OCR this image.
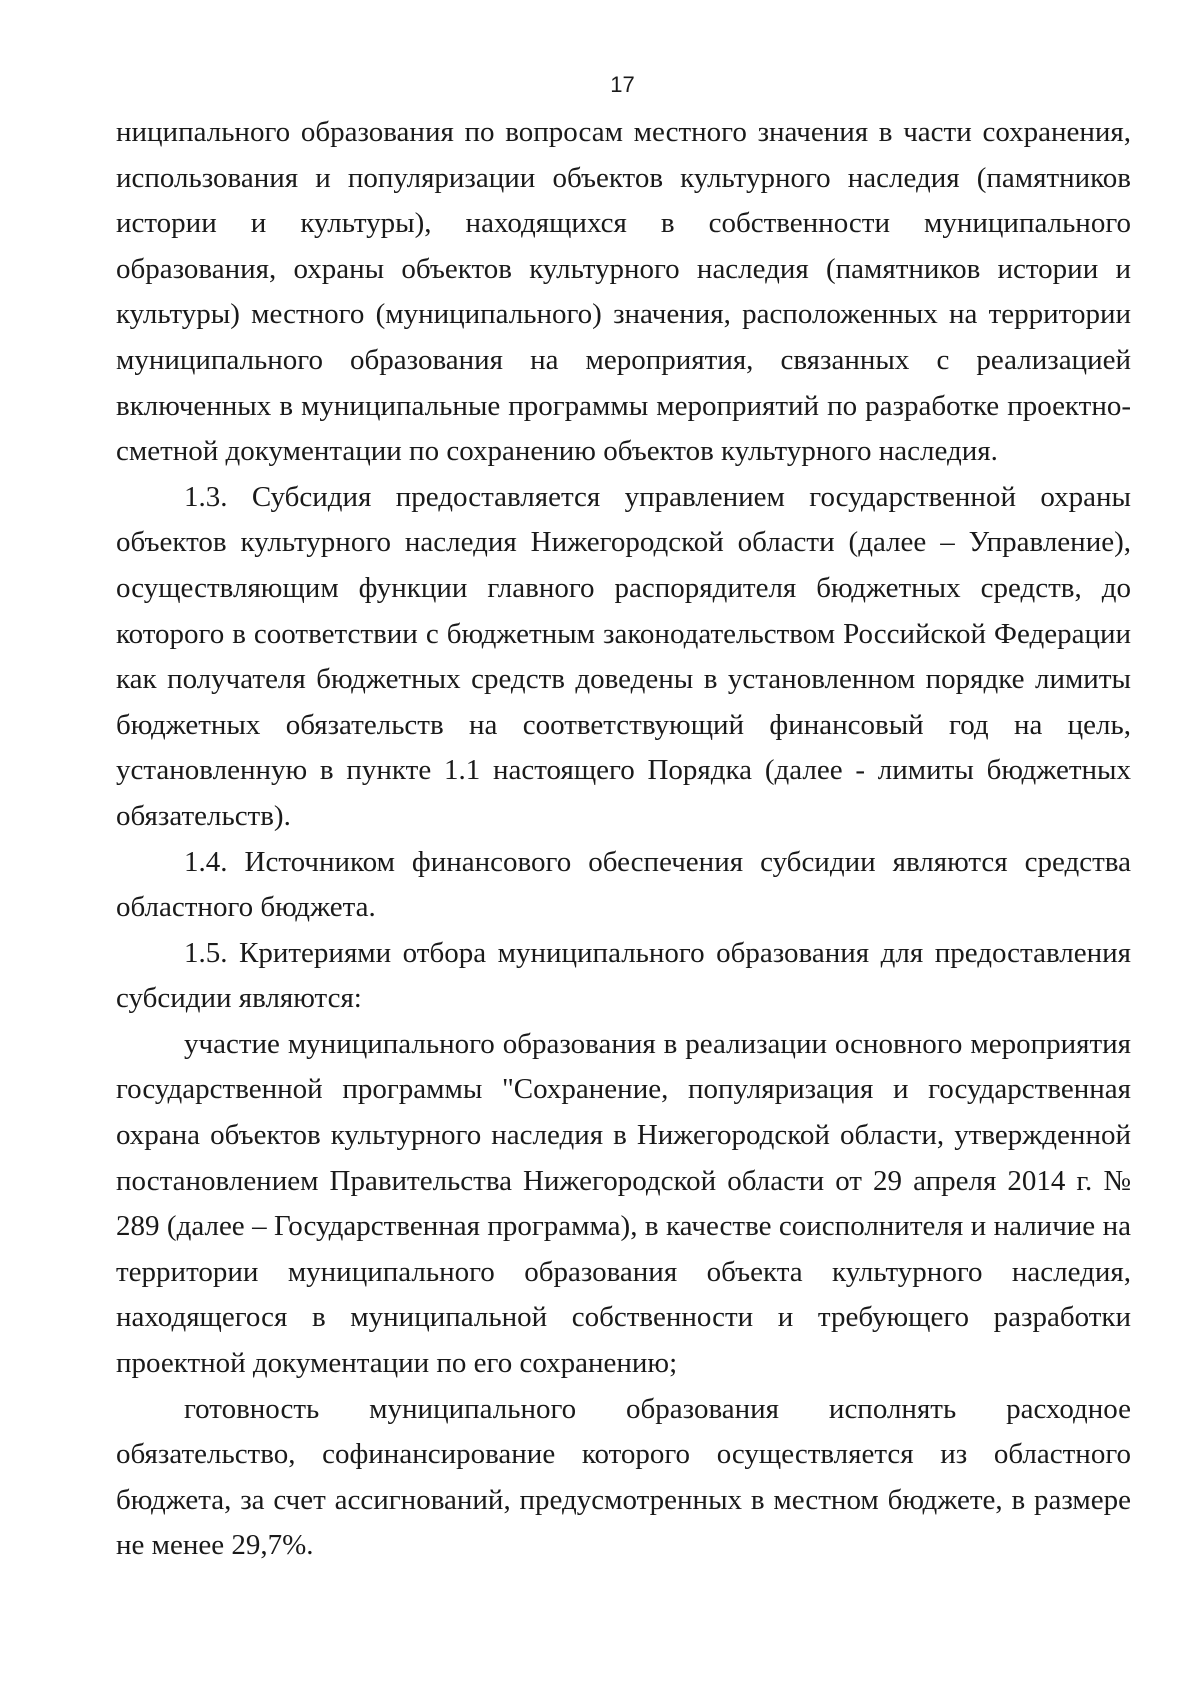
17

ниципального образования по вопросам местного значения в части сохранения, использования и популяризации объектов культурного наследия (памятников истории и культуры), находящихся в собственности муниципального образования, охраны объектов культурного наследия (памятников истории и культуры) местного (муниципального) значения, расположенных на территории муниципального образования на мероприятия, связанных с реализацией включенных в муниципальные программы мероприятий по разработке проектно-сметной документации по сохранению объектов культурного наследия.

1.3. Субсидия предоставляется управлением государственной охраны объектов культурного наследия Нижегородской области (далее – Управление), осуществляющим функции главного распорядителя бюджетных средств, до которого в соответствии с бюджетным законодательством Российской Федерации как получателя бюджетных средств доведены в установленном порядке лимиты бюджетных обязательств на соответствующий финансовый год на цель, установленную в пункте 1.1 настоящего Порядка (далее - лимиты бюджетных обязательств).

1.4. Источником финансового обеспечения субсидии являются средства областного бюджета.

1.5. Критериями отбора муниципального образования для предоставления субсидии являются:

участие муниципального образования в реализации основного мероприятия государственной программы "Сохранение, популяризация и государственная охрана объектов культурного наследия в Нижегородской области, утвержденной постановлением Правительства Нижегородской области от 29 апреля 2014 г. № 289 (далее – Государственная программа), в качестве соисполнителя и наличие на территории муниципального образования объекта культурного наследия, находящегося в муниципальной собственности и требующего разработки проектной документации по его сохранению;

готовность муниципального образования исполнять расходное обязательство, софинансирование которого осуществляется из областного бюджета, за счет ассигнований, предусмотренных в местном бюджете, в размере не менее 29,7%.
